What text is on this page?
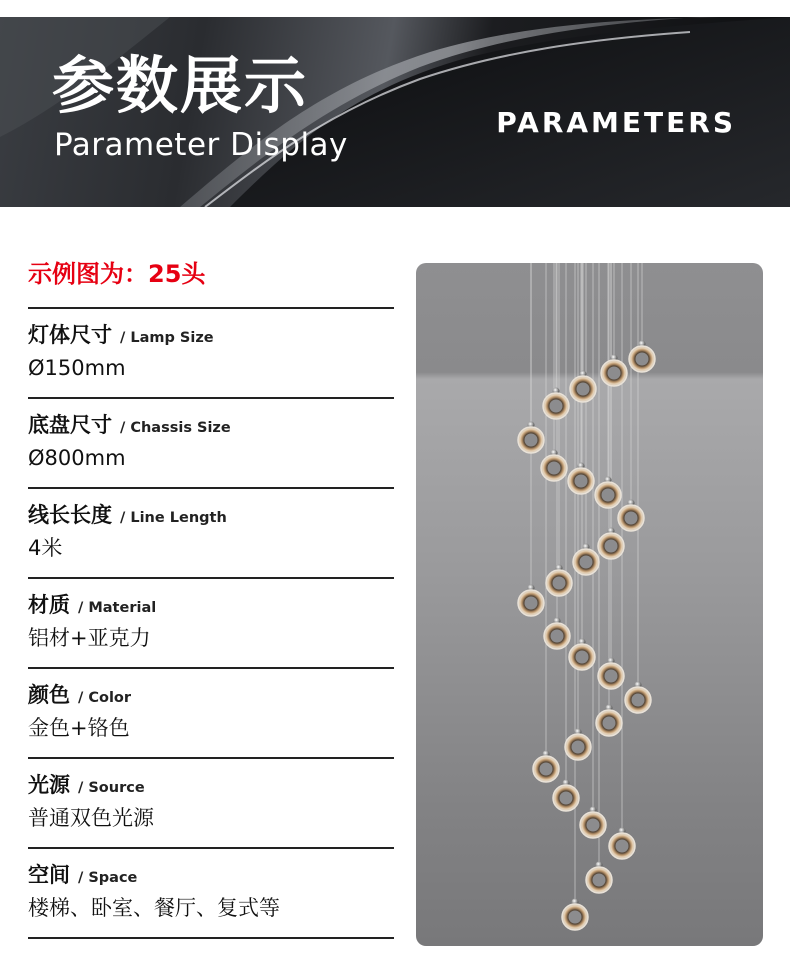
参数展示
Parameter Display
PARAMETERS
示例图为：25头
灯体尺寸 / Lamp Size
Ø150mm
底盘尺寸 / Chassis Size
Ø800mm
线长长度 / Line Length
4米
材质 / Material
铝材+亚克力
颜色 / Color
金色+铬色
光源 / Source
普通双色光源
空间 / Space
楼梯、卧室、餐厅、复式等
